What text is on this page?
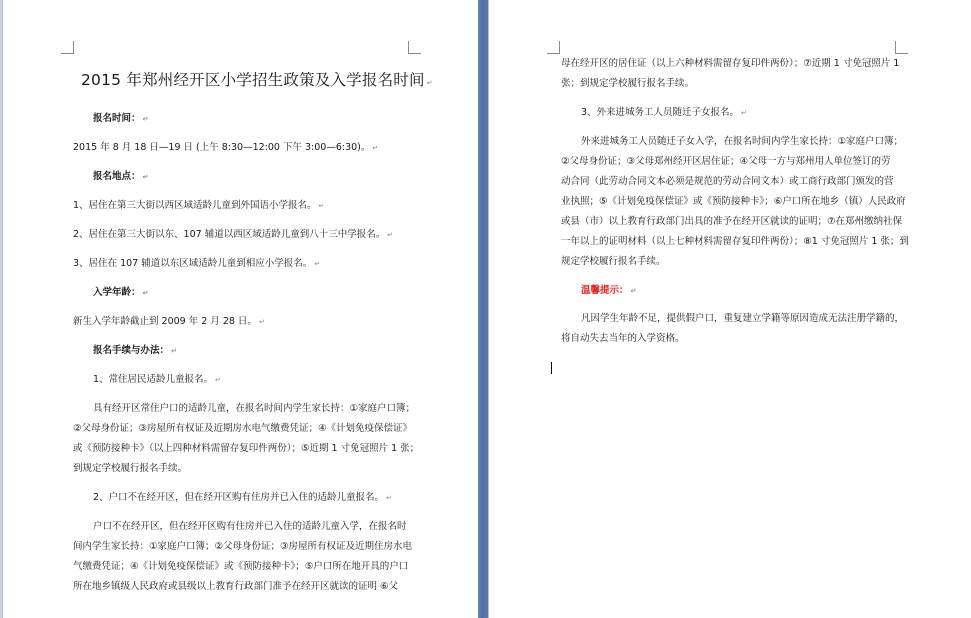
2015 年郑州经开区小学招生政策及入学报名时间 ↵
报名时间： ↵
2015 年 8 月 18 日—19 日 (上午 8:30—12:00 下午 3:00—6:30)。 ↵
报名地点： ↵
1、居住在第三大街以西区域适龄儿童到外国语小学报名。 ↵
2、居住在第三大街以东、107 辅道以西区域适龄儿童到八十三中学报名。 ↵
3、居住在 107 辅道以东区域适龄儿童到相应小学报名。 ↵
入学年龄： ↵
新生入学年龄截止到 2009 年 2 月 28 日。 ↵
报名手续与办法： ↵
1、常住居民适龄儿童报名。 ↵
具有经开区常住户口的适龄儿童，在报名时间内学生家长持：①家庭户口簿；
②父母身份证；③房屋所有权证及近期房水电气缴费凭证；④《计划免疫保偿证》
或《预防接种卡》（以上四种材料需留存复印件两份）；⑤近期 1 寸免冠照片 1 张；
到规定学校履行报名手续。
2、户口不在经开区，但在经开区购有住房并已入住的适龄儿童报名。 ↵
户口不在经开区，但在经开区购有住房并已入住的适龄儿童入学，在报名时
间内学生家长持：①家庭户口簿；②父母身份证；③房屋所有权证及近期住房水电
气缴费凭证；④《计划免疫保偿证》或《预防接种卡》；⑤户口所在地开具的户口
所在地乡镇级人民政府或县级以上教育行政部门准予在经开区就读的证明 ⑥父
母在经开区的居住证（以上六种材料需留存复印件两份）；⑦近期 1 寸免冠照片 1
张；到规定学校履行报名手续。
3、外来进城务工人员随迁子女报名。 ↵
外来进城务工人员随迁子女入学，在报名时间内学生家长持：①家庭户口簿；
②父母身份证；③父母郑州经开区居住证；④父母一方与郑州用人单位签订的劳
动合同（此劳动合同文本必须是规范的劳动合同文本）或工商行政部门颁发的营
业执照；⑤《计划免疫保偿证》或《预防接种卡》；⑥户口所在地乡（镇）人民政府
或县（市）以上教育行政部门出具的准予在经开区就读的证明；⑦在郑州缴纳社保
一年以上的证明材料（以上七种材料需留存复印件两份）；⑧1 寸免冠照片 1 张；到
规定学校履行报名手续。
温馨提示： ↵
凡因学生年龄不足，提供假户口，重复建立学籍等原因造成无法注册学籍的，
将自动失去当年的入学资格。
